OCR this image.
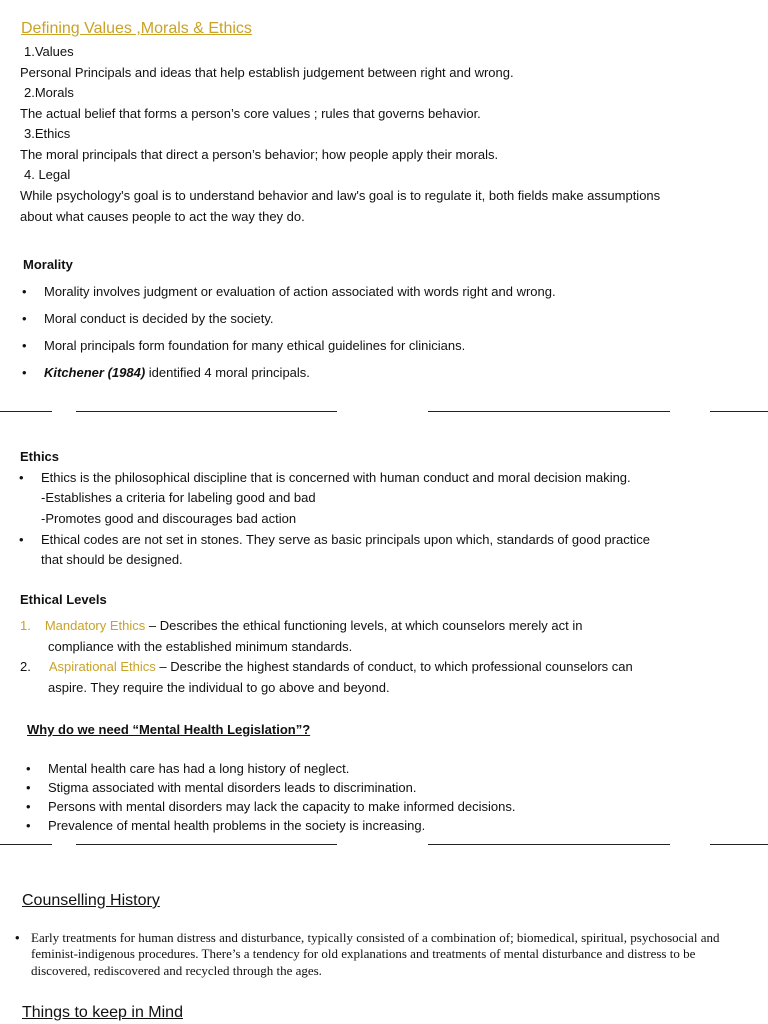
Defining Values ,Morals & Ethics
1.Values
Personal Principals and ideas that help establish judgement between right and wrong.
2.Morals
The actual belief that forms a person’s core values ; rules that governs behavior.
3.Ethics
The moral principals that direct a person’s behavior; how people apply their morals.
4. Legal
While psychology's goal is to understand behavior and law's goal is to regulate it, both fields make assumptions
about what causes people to act the way they do.
Morality
• Morality involves judgment or evaluation of action associated with words right and wrong.
• Moral conduct is decided by the society.
• Moral principals form foundation for many ethical guidelines for clinicians.
• Kitchener (1984) identified 4 moral principals.
Ethics
• Ethics is the philosophical discipline that is concerned with human conduct and moral decision making.
-Establishes a criteria for labeling good and bad
-Promotes good and discourages bad action
• Ethical codes are not set in stones. They serve as basic principals upon which, standards of good practice
that should be designed.
Ethical Levels
1. Mandatory Ethics – Describes the ethical functioning levels, at which counselors merely act in
compliance with the established minimum standards.
2. Aspirational Ethics – Describe the highest standards of conduct, to which professional counselors can
aspire. They require the individual to go above and beyond.
Why do we need “Mental Health Legislation”?
• Mental health care has had a long history of neglect.
• Stigma associated with mental disorders leads to discrimination.
• Persons with mental disorders may lack the capacity to make informed decisions.
• Prevalence of mental health problems in the society is increasing.
Counselling History
• Early treatments for human distress and disturbance, typically consisted of a combination of; biomedical, spiritual, psychosocial and feminist-indigenous procedures. There’s a tendency for old explanations and treatments of mental disturbance and distress to be discovered, rediscovered and recycled through the ages.
Things to keep in Mind
